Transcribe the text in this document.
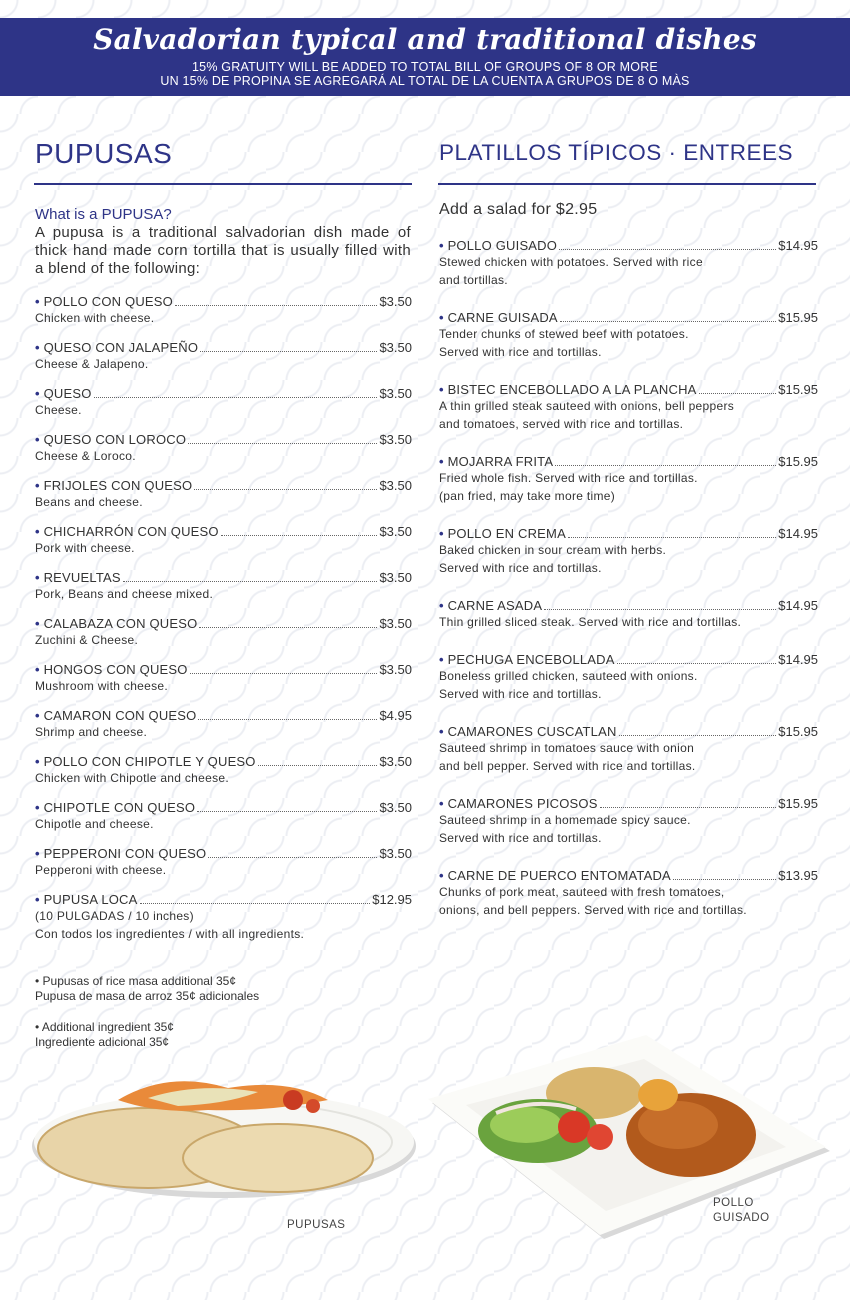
Salvadorian typical and traditional dishes
15% GRATUITY WILL BE ADDED TO TOTAL BILL OF GROUPS OF 8 OR MORE
UN 15% DE PROPINA SE AGREGARÁ AL TOTAL DE LA CUENTA A GRUPOS DE 8 O MÀS
PUPUSAS
What is a PUPUSA?
A pupusa is a traditional salvadorian dish made of thick hand made corn tortilla that is usually filled with a blend of the following:
• POLLO CON QUESO	$3.50
Chicken with cheese.
• QUESO CON JALAPEÑO	$3.50
Cheese & Jalapeno.
• QUESO	$3.50
Cheese.
• QUESO CON LOROCO	$3.50
Cheese & Loroco.
• FRIJOLES CON QUESO	$3.50
Beans and cheese.
• CHICHARRÓN CON QUESO	$3.50
Pork with cheese.
• REVUELTAS	$3.50
Pork, Beans and cheese mixed.
• CALABAZA CON QUESO	$3.50
Zuchini & Cheese.
• HONGOS CON QUESO	$3.50
Mushroom with cheese.
• CAMARON CON QUESO	$4.95
Shrimp and cheese.
• POLLO CON CHIPOTLE Y QUESO	$3.50
Chicken with Chipotle and cheese.
• CHIPOTLE CON QUESO	$3.50
Chipotle and cheese.
• PEPPERONI CON QUESO	$3.50
Pepperoni with cheese.
• PUPUSA LOCA	$12.95
(10 PULGADAS / 10 inches)
Con todos los ingredientes / with all ingredients.
• Pupusas of rice masa additional 35¢
Pupusa de masa de arroz 35¢ adicionales
• Additional ingredient 35¢
Ingrediente adicional 35¢
PLATILLOS TÍPICOS · ENTREES
Add a salad for $2.95
• POLLO GUISADO	$14.95
Stewed chicken with potatoes. Served with rice
and tortillas.
• CARNE GUISADA	$15.95
Tender chunks of stewed beef with potatoes.
Served with rice and tortillas.
• BISTEC ENCEBOLLADO A LA PLANCHA	$15.95
A thin grilled steak sauteed with onions, bell peppers
and tomatoes, served with rice and tortillas.
• MOJARRA FRITA	$15.95
Fried whole fish. Served with rice and tortillas.
(pan fried, may take more time)
• POLLO EN CREMA	$14.95
Baked chicken in sour cream with herbs.
Served with rice and tortillas.
• CARNE ASADA	$14.95
Thin grilled sliced steak. Served with rice and tortillas.
• PECHUGA ENCEBOLLADA	$14.95
Boneless grilled chicken, sauteed with onions.
Served with rice and tortillas.
• CAMARONES CUSCATLAN	$15.95
Sauteed shrimp in tomatoes sauce with onion
and bell pepper. Served with rice and tortillas.
• CAMARONES PICOSOS	$15.95
Sauteed shrimp in a homemade spicy sauce.
Served with rice and tortillas.
• CARNE DE PUERCO ENTOMATADA	$13.95
Chunks of pork meat, sauteed with fresh tomatoes,
onions, and bell peppers. Served with rice and tortillas.
PUPUSAS
POLLO
GUISADO
